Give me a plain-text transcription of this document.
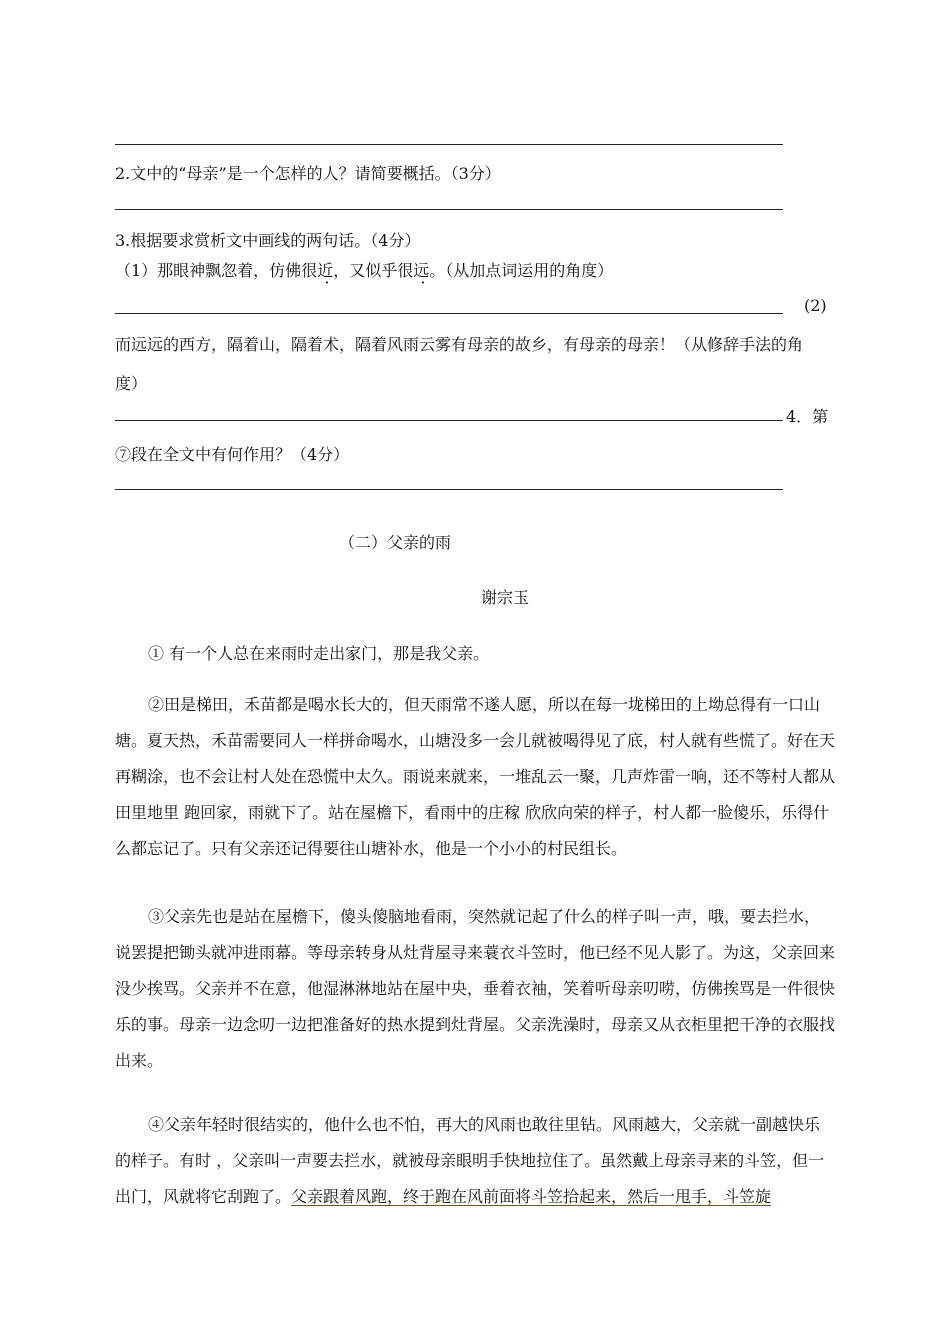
2.文中的“母亲”是一个怎样的人？请简要概括。（3分）
3.根据要求赏析文中画线的两句话。（4分）
（1）那眼神飘忽着，仿佛很近，又似乎很远。（从加点词运用的角度）
(2)
而远远的西方，隔着山，隔着术，隔着风雨云雾有母亲的故乡，有母亲的母亲！（从修辞手法的角
度）
4．第
⑦段在全文中有何作用？（4分）
（二）父亲的雨
谢宗玉
① 有一个人总在来雨时走出家门，那是我父亲。
②田是梯田，禾苗都是喝水长大的，但天雨常不遂人愿，所以在每一垅梯田的上坳总得有一口山塘。夏天热，禾苗需要同人一样拼命喝水，山塘没多一会儿就被喝得见了底，村人就有些慌了。好在天再糊涂，也不会让村人处在恐慌中太久。雨说来就来，一堆乱云一聚，几声炸雷一响，还不等村人都从田里地里 跑回家，雨就下了。站在屋檐下，看雨中的庄稼 欣欣向荣的样子，村人都一脸傻乐，乐得什么都忘记了。只有父亲还记得要往山塘补水，他是一个小小的村民组长。
③父亲先也是站在屋檐下，傻头傻脑地看雨，突然就记起了什么的样子叫一声，哦，要去拦水，说罢提把锄头就冲进雨幕。等母亲转身从灶背屋寻来蓑衣斗笠时，他已经不见人影了。为这，父亲回来没少挨骂。父亲并不在意，他湿淋淋地站在屋中央，垂着衣袖，笑着听母亲叨唠，仿佛挨骂是一件很快乐的事。母亲一边念叨一边把准备好的热水提到灶背屋。父亲洗澡时，母亲又从衣柜里把干净的衣服找出来。
④父亲年轻时很结实的，他什么也不怕，再大的风雨也敢往里钻。风雨越大，父亲就一副越快乐的样子。有时 ，父亲叫一声要去拦水，就被母亲眼明手快地拉住了。虽然戴上母亲寻来的斗笠，但一出门，风就将它刮跑了。父亲跟着风跑，终于跑在风前面将斗笠拾起来，然后一甩手，斗笠旋
